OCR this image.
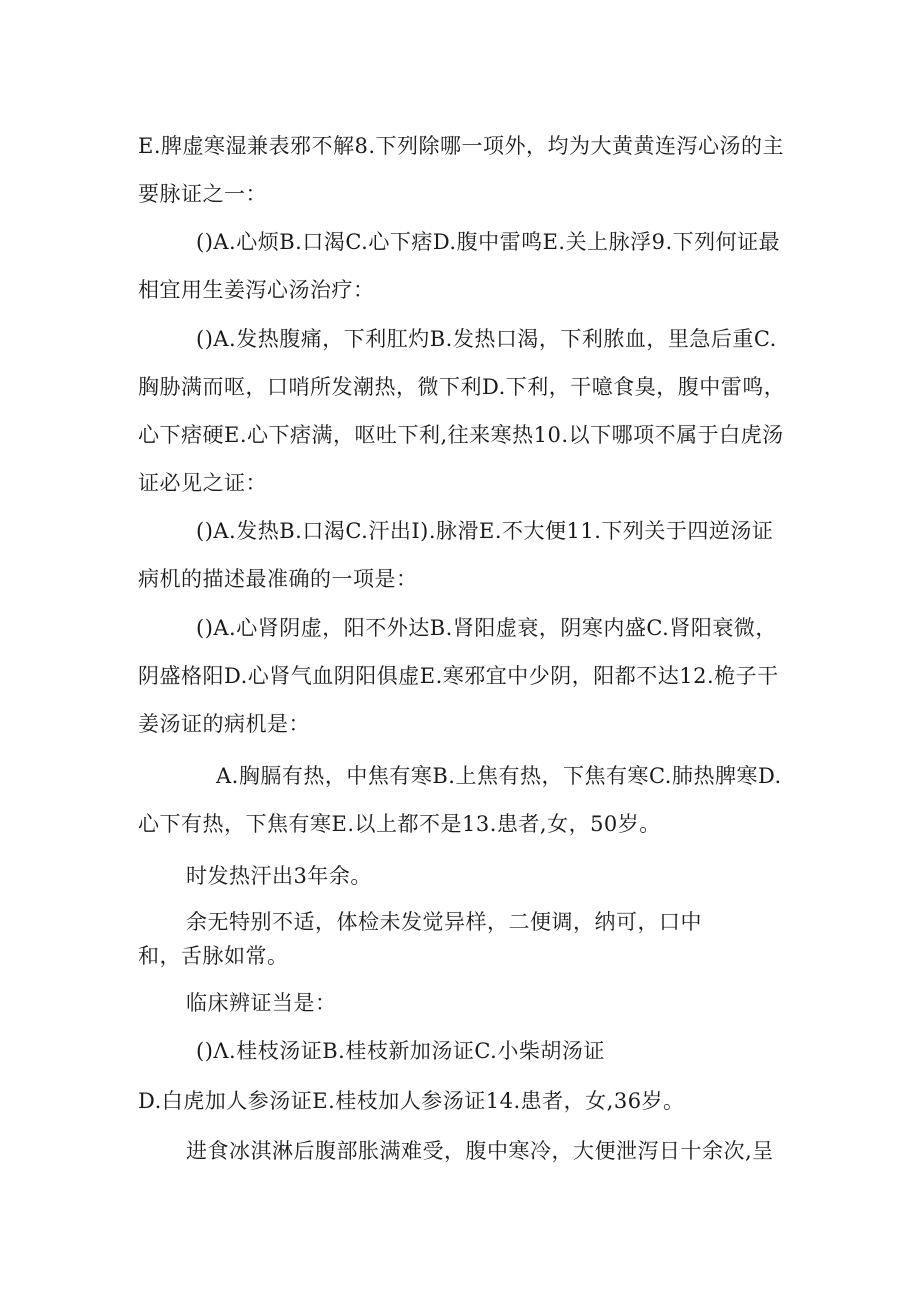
E.脾虚寒湿兼表邪不解8.下列除哪一项外，均为大黄黄连泻心汤的主要脉证之一：

()A.心烦B.口渴C.心下痞D.腹中雷鸣E.关上脉浮9.下列何证最相宜用生姜泻心汤治疗：

()A.发热腹痛，下利肛灼B.发热口渴，下利脓血，里急后重C.胸胁满而呕，口哨所发潮热，微下利D.下利，干噫食臭，腹中雷鸣，心下痞硬E.心下痞满，呕吐下利,往来寒热10.以下哪项不属于白虎汤证必见之证：

()A.发热B.口渴C.汗出I).脉滑E.不大便11.下列关于四逆汤证病机的描述最准确的一项是：

()A.心肾阴虚，阳不外达B.肾阳虚衰，阴寒内盛C.肾阳衰微，阴盛格阳D.心肾气血阴阳俱虚E.寒邪宜中少阴，阳都不达12.桅子干姜汤证的病机是：

A.胸膈有热，中焦有寒B.上焦有热，下焦有寒C.肺热脾寒D.心下有热，下焦有寒E.以上都不是13.患者,女，50岁。

时发热汗出3年余。

余无特别不适，体检未发觉异样，二便调，纳可，口中和，舌脉如常。

临床辨证当是：

()Λ.桂枝汤证B.桂枝新加汤证C.小柴胡汤证

D.白虎加人参汤证E.桂枝加人参汤证14.患者，女,36岁。

进食冰淇淋后腹部胀满难受，腹中寒冷，大便泄泻日十余次,呈
